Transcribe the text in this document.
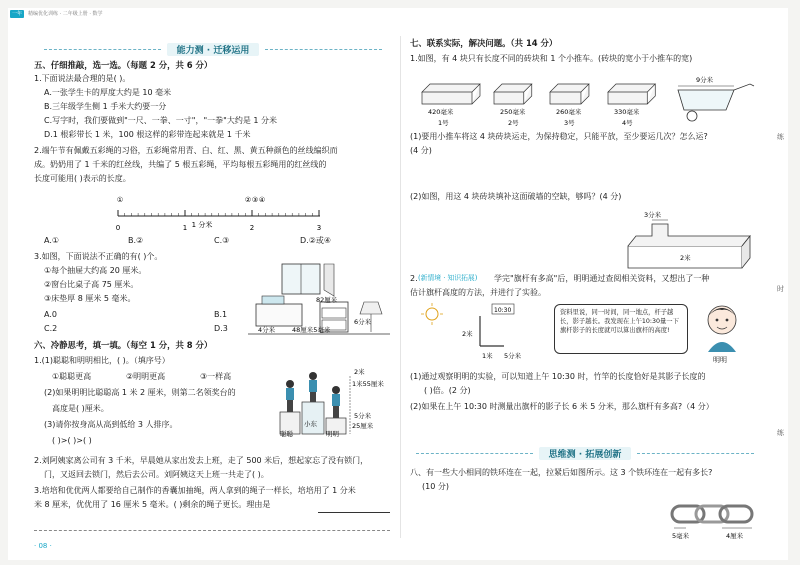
一年	精编优化训练 · 二年级上册 · 数学
能力测 · 迁移运用
五、仔细推敲，选一选。（每题 2 分，共 6 分）
1.下面说法最合理的是( )。
A.一张学生卡的厚度大约是 10 毫米
B.三年级学生侧 1 手米大约要一分
C.写字时，我们要做到"一尺、一拳、一寸"，"一拳"大约是 1 分米
D.1 根彩带长 1 米，100 根这样的彩带连起来就是 1 千米
2.端午节有佩戴五彩绳的习俗，五彩绳常用青、白、红、黑、黄五种颜色的丝线编织而
成。奶奶用了 1 千米的红丝线，共编了 5 根五彩绳，平均每根五彩绳用的红丝线的
长度可能用( )表示的长度。
①	② ③ ④
0	1	2	3
1 分米
A.①	B.②	C.③	D.②或④
3.如图，下面说法不正确的有( )个。
①每个抽屉大约高 20 厘米。
②窗台比桌子高 75 厘米。
③床垫厚 8 厘米 5 毫米。
A.0	B.1
C.2	D.3
82厘米
4分米	48厘米5毫米
6分米
六、冷静思考，填一填。（每空 1 分，共 8 分）
1.(1)聪聪和明明相比，( )。（填序号）
①聪聪更高	②明明更高	③一样高
(2)如果明明比聪聪高 1 米 2 厘米，则第二名领奖台的
高度是( )厘米。
(3)请你按身高从高到低给 3 人排序。
( )>( )>( )
2米
1米55厘米
5分米
25厘米
小东
聪聪	明明
2.刘阿姨家离公司有 3 千米，早晨她从家出发去上班，走了 500 米后，想起家忘了没有锁门，
门，又返回去锁门，然后去公司。刘阿姨这天上班一共走了( )。
3.培培和优优两人都要给自己制作的香囊加抽绳，两人拿到的绳子一样长，培培用了 1 分米
米 8 厘米，优优用了 16 厘米 5 毫米。( )剩余的绳子更长。理由是
· 08 ·
七、联系实际，解决问题。（共 14 分）
1.如图，有 4 块只有长度不同的砖块和 1 个小推车。(砖块的宽小于小推车的宽)
420毫米
1号
250毫米
2号
260毫米
3号
330毫米
4号
9分米
(1)要用小推车将这 4 块砖块运走，为保持稳定，只能平放，至少要运几次？怎么运?
(4 分)
(2)如图，用这 4 块砖块填补这面破墙的空缺，够吗？(4 分)
3分米
2米
2. (新情境 · 知识拓展) 学完"旗杆有多高"后，明明通过查阅相关资料，又想出了一种
估计旗杆高度的方法，并进行了实验。
10:30
2米
1米 5分米
资料里说，同一时间，同一地点，杆子越长，影子越长。我发现在上午10:30量一下旗杆影子的长度就可以算出旗杆的高度!
明明
(1)通过观察明明的实验，可以知道上午 10:30 时，竹竿的长度恰好是其影子长度的
( )倍。(2 分)
(2)如果在上午 10:30 时测量出旗杆的影子长 6 米 5 分米，那么旗杆有多高?（4 分）
思维测 · 拓展创新
八、有一些大小相同的铁环连在一起，拉紧后如图所示。这 3 个铁环连在一起有多长?
(10 分)
5毫米	4厘米
练
时
练
